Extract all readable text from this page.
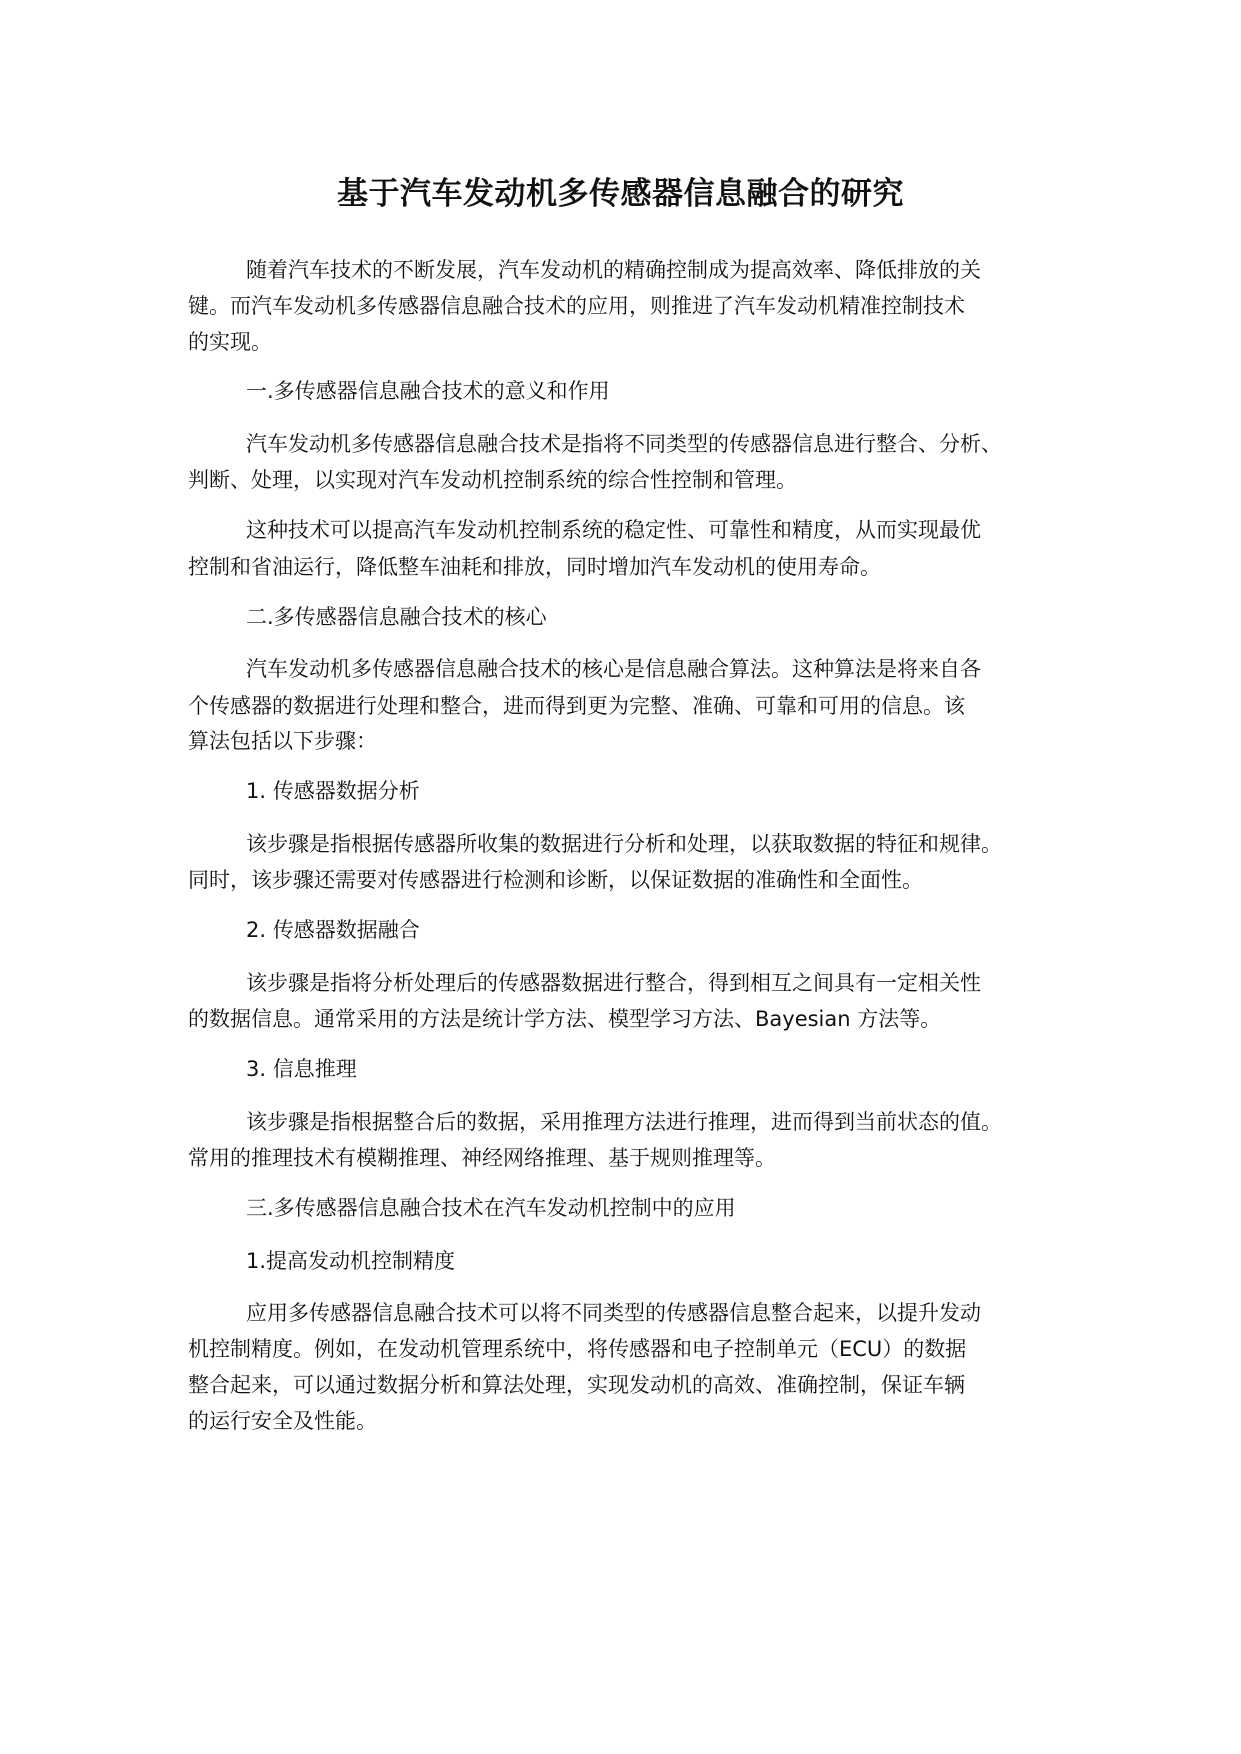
基于汽车发动机多传感器信息融合的研究
随着汽车技术的不断发展，汽车发动机的精确控制成为提高效率、降低排放的关
键。而汽车发动机多传感器信息融合技术的应用，则推进了汽车发动机精准控制技术
的实现。
一.多传感器信息融合技术的意义和作用
汽车发动机多传感器信息融合技术是指将不同类型的传感器信息进行整合、分析、
判断、处理，以实现对汽车发动机控制系统的综合性控制和管理。
这种技术可以提高汽车发动机控制系统的稳定性、可靠性和精度，从而实现最优
控制和省油运行，降低整车油耗和排放，同时增加汽车发动机的使用寿命。
二.多传感器信息融合技术的核心
汽车发动机多传感器信息融合技术的核心是信息融合算法。这种算法是将来自各
个传感器的数据进行处理和整合，进而得到更为完整、准确、可靠和可用的信息。该
算法包括以下步骤：
1. 传感器数据分析
该步骤是指根据传感器所收集的数据进行分析和处理，以获取数据的特征和规律。
同时，该步骤还需要对传感器进行检测和诊断，以保证数据的准确性和全面性。
2. 传感器数据融合
该步骤是指将分析处理后的传感器数据进行整合，得到相互之间具有一定相关性
的数据信息。通常采用的方法是统计学方法、模型学习方法、Bayesian 方法等。
3. 信息推理
该步骤是指根据整合后的数据，采用推理方法进行推理，进而得到当前状态的值。
常用的推理技术有模糊推理、神经网络推理、基于规则推理等。
三.多传感器信息融合技术在汽车发动机控制中的应用
1.提高发动机控制精度
应用多传感器信息融合技术可以将不同类型的传感器信息整合起来，以提升发动
机控制精度。例如，在发动机管理系统中，将传感器和电子控制单元（ECU）的数据
整合起来，可以通过数据分析和算法处理，实现发动机的高效、准确控制，保证车辆
的运行安全及性能。
